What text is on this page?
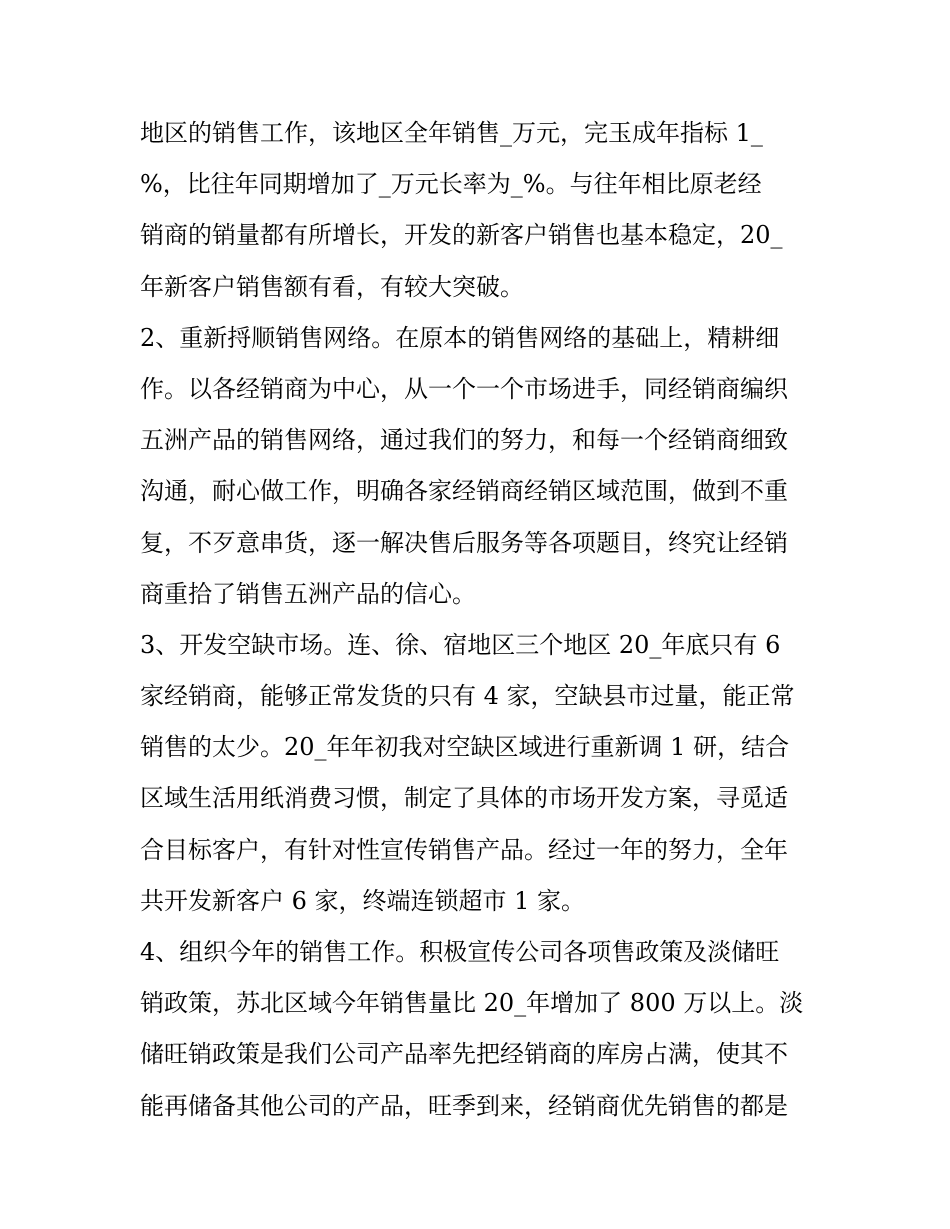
地区的销售工作，该地区全年销售_万元，完玉成年指标 1_
%，比往年同期增加了_万元长率为_%。与往年相比原老经
销商的销量都有所增长，开发的新客户销售也基本稳定，20_
年新客户销售额有看，有较大突破。
2、重新捋顺销售网络。在原本的销售网络的基础上，精耕细
作。以各经销商为中心，从一个一个市场进手，同经销商编织
五洲产品的销售网络，通过我们的努力，和每一个经销商细致
沟通，耐心做工作，明确各家经销商经销区域范围，做到不重
复，不歹意串货，逐一解决售后服务等各项题目，终究让经销
商重拾了销售五洲产品的信心。
3、开发空缺市场。连、徐、宿地区三个地区 20_年底只有 6
家经销商，能够正常发货的只有 4 家，空缺县市过量，能正常
销售的太少。20_年年初我对空缺区域进行重新调 1 研，结合
区域生活用纸消费习惯，制定了具体的市场开发方案，寻觅适
合目标客户，有针对性宣传销售产品。经过一年的努力，全年
共开发新客户 6 家，终端连锁超市 1 家。
4、组织今年的销售工作。积极宣传公司各项售政策及淡储旺
销政策，苏北区域今年销售量比 20_年增加了 800 万以上。淡
储旺销政策是我们公司产品率先把经销商的库房占满，使其不
能再储备其他公司的产品，旺季到来，经销商优先销售的都是
